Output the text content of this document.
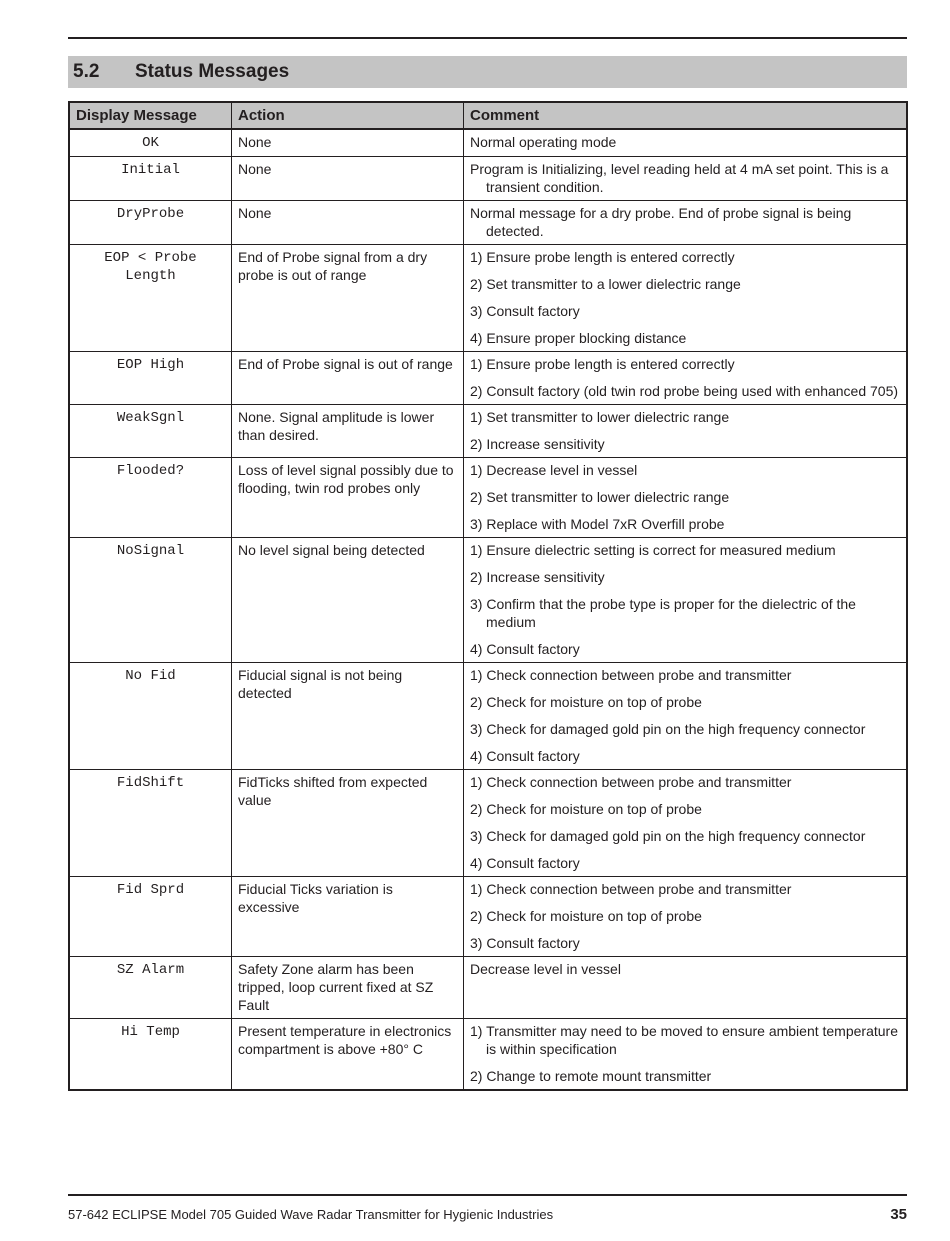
5.2	Status Messages
Display Message	Action	Comment
OK	None	Normal operating mode

Initial	None	Program is Initializing, level reading held at 4 mA set point. This is a transient condition.

DryProbe	None	Normal message for a dry probe. End of probe signal is being detected.

EOP < Probe Length	End of Probe signal from a dry probe is out of range	1) Ensure probe length is entered correctly
2) Set transmitter to a lower dielectric range
3) Consult factory
4) Ensure proper blocking distance

EOP High	End of Probe signal is out of range	1) Ensure probe length is entered correctly
2) Consult factory (old twin rod probe being used with enhanced 705)

WeakSgnl	None. Signal amplitude is lower than desired.	1) Set transmitter to lower dielectric range
2) Increase sensitivity

Flooded?	Loss of level signal possibly due to flooding, twin rod probes only	1) Decrease level in vessel
2) Set transmitter to lower dielectric range
3) Replace with Model 7xR Overfill probe

NoSignal	No level signal being detected	1) Ensure dielectric setting is correct for measured medium
2) Increase sensitivity
3) Confirm that the probe type is proper for the dielectric of the medium
4) Consult factory

No Fid	Fiducial signal is not being detected	1) Check connection between probe and transmitter
2) Check for moisture on top of probe
3) Check for damaged gold pin on the high frequency connector
4) Consult factory

FidShift	FidTicks shifted from expected value	1) Check connection between probe and transmitter
2) Check for moisture on top of probe
3) Check for damaged gold pin on the high frequency connector
4) Consult factory

Fid Sprd	Fiducial Ticks variation is excessive	1) Check connection between probe and transmitter
2) Check for moisture on top of probe
3) Consult factory

SZ Alarm	Safety Zone alarm has been tripped, loop current fixed at SZ Fault	Decrease level in vessel

Hi Temp	Present temperature in electronics compartment is above +80° C	1) Transmitter may need to be moved to ensure ambient temperature is within specification
2) Change to remote mount transmitter
57-642 ECLIPSE Model 705 Guided Wave Radar Transmitter for Hygienic Industries	35
